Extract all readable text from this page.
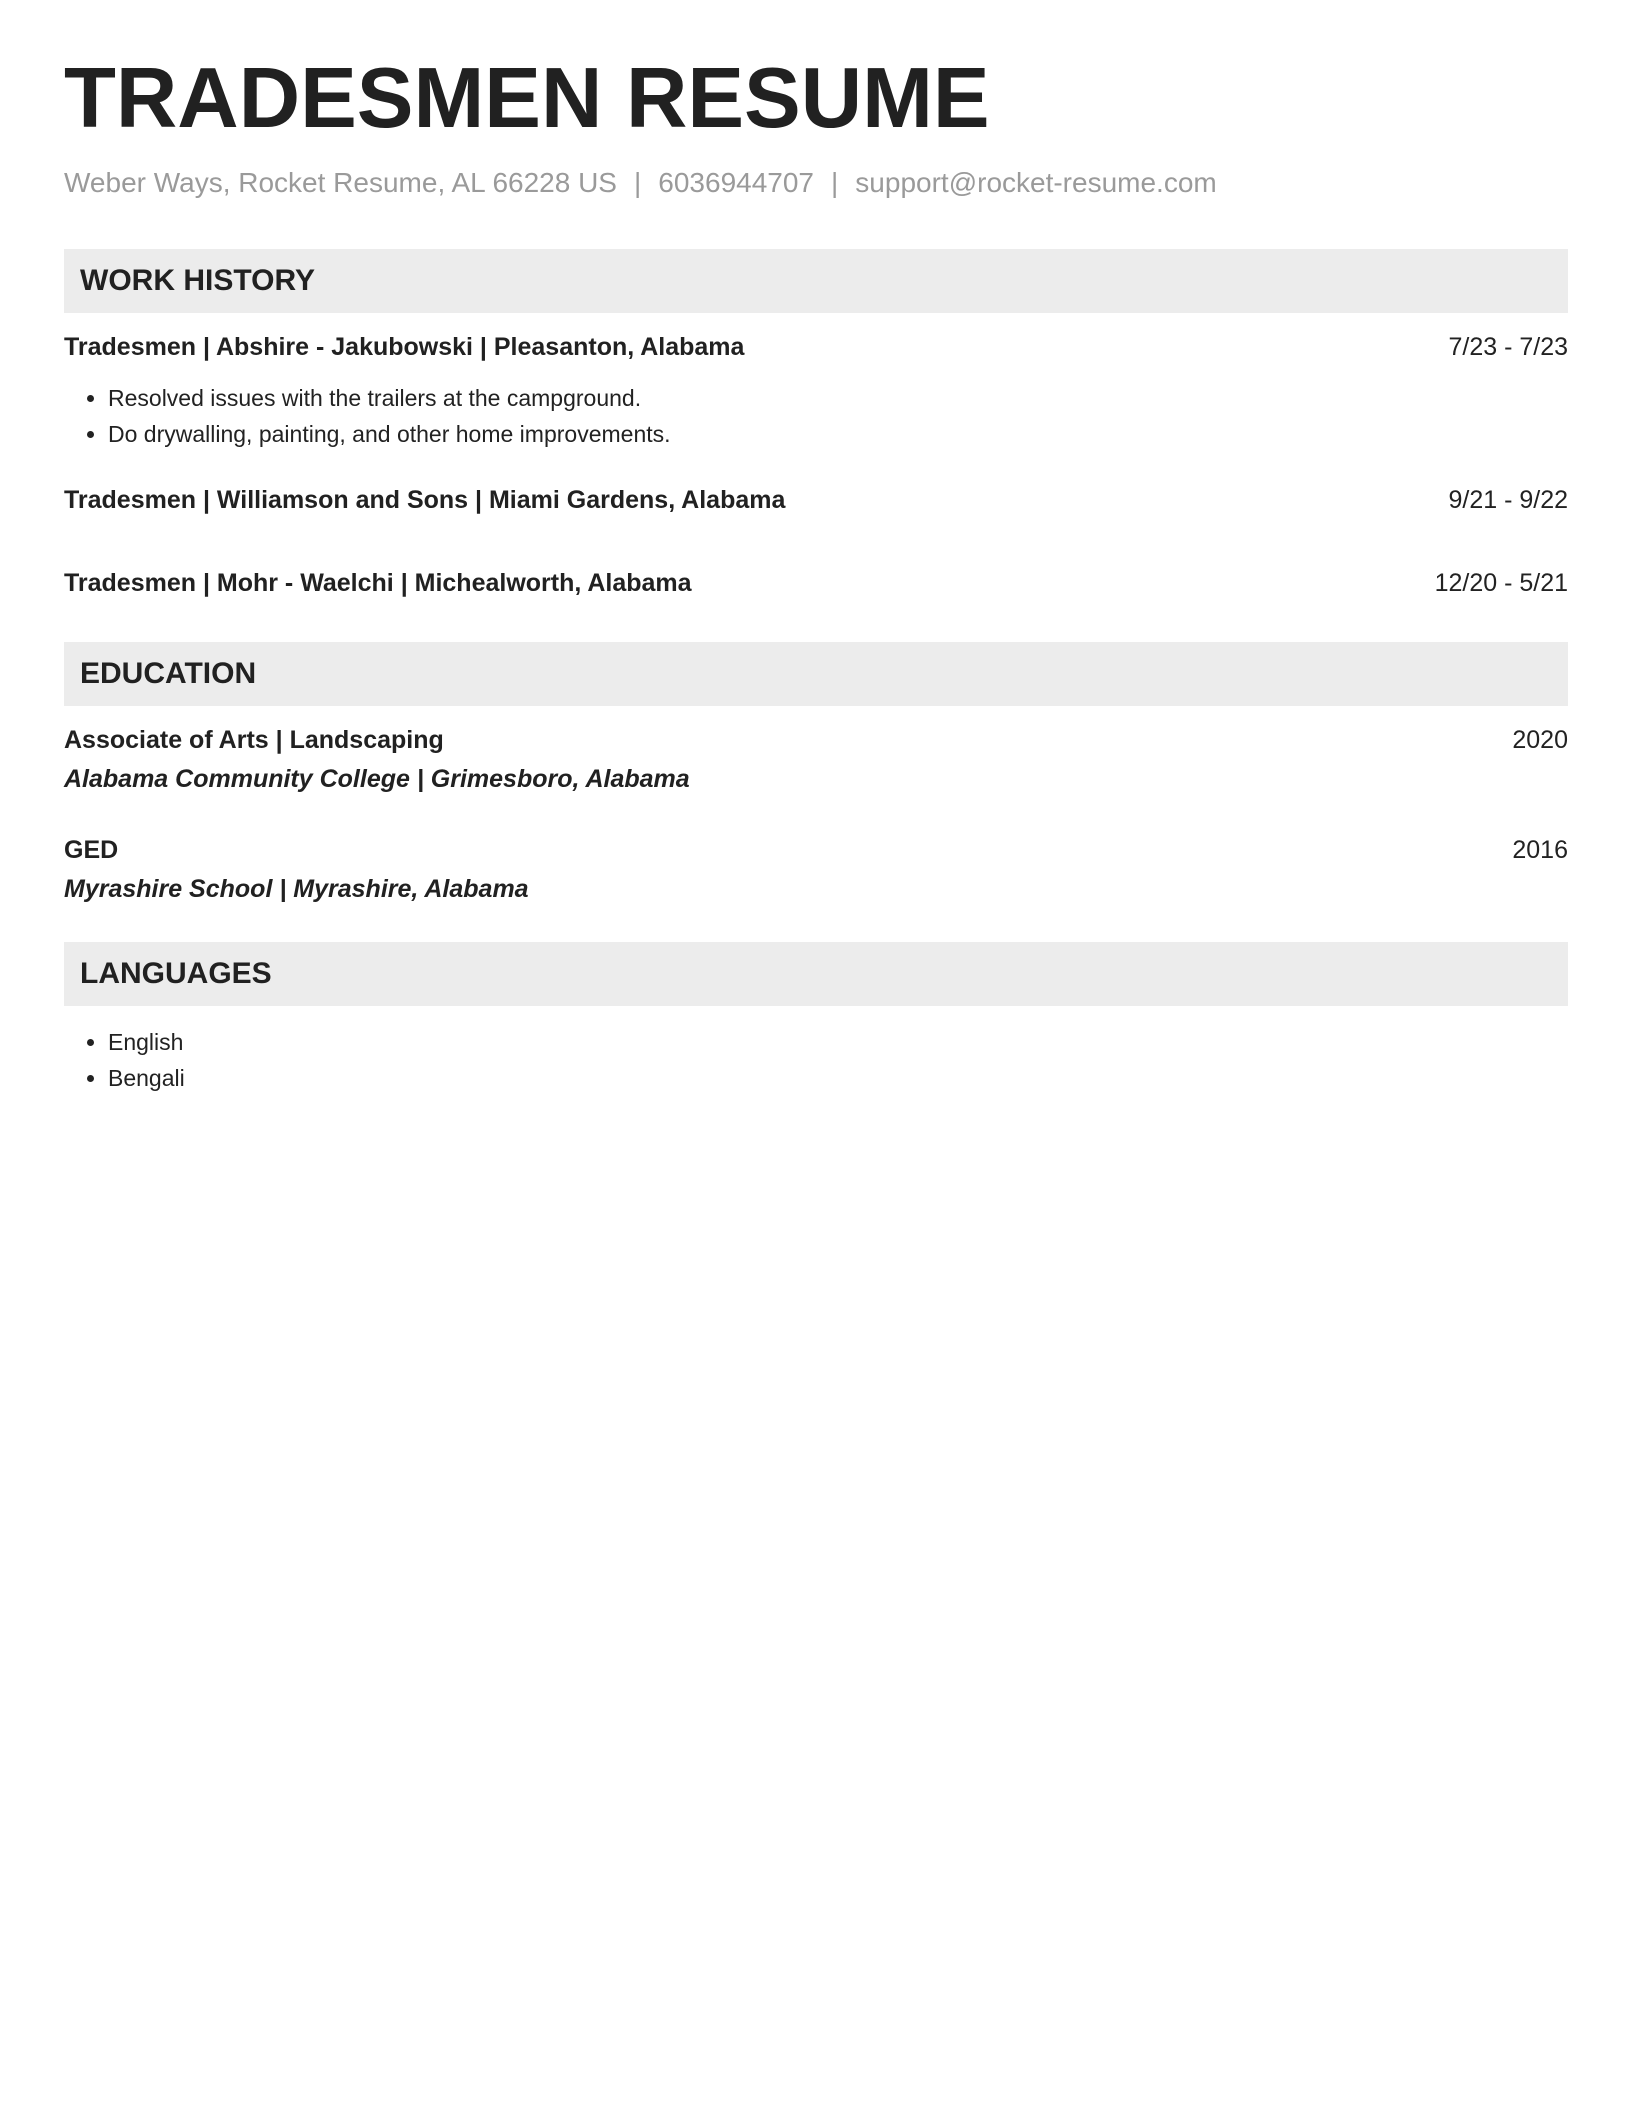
TRADESMEN RESUME
Weber Ways, Rocket Resume, AL 66228 US | 6036944707 | support@rocket-resume.com
WORK HISTORY
Tradesmen | Abshire - Jakubowski | Pleasanton, Alabama	7/23 - 7/23
• Resolved issues with the trailers at the campground.
• Do drywalling, painting, and other home improvements.
Tradesmen | Williamson and Sons | Miami Gardens, Alabama	9/21 - 9/22
Tradesmen | Mohr - Waelchi | Michealworth, Alabama	12/20 - 5/21
EDUCATION
Associate of Arts | Landscaping	2020
Alabama Community College | Grimesboro, Alabama
GED	2016
Myrashire School | Myrashire, Alabama
LANGUAGES
• English
• Bengali
